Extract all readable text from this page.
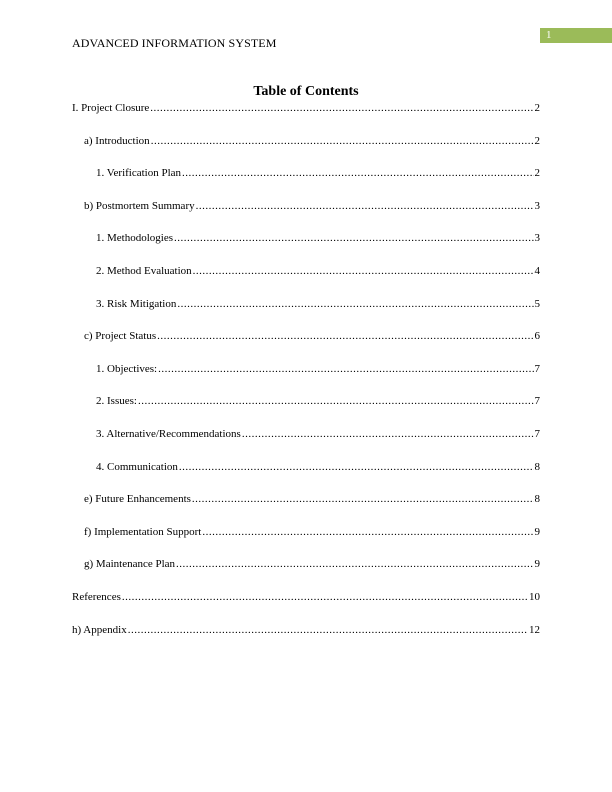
ADVANCED INFORMATION SYSTEM
1
Table of Contents
I. Project Closure .....	2
a) Introduction .....	2
1. Verification Plan .....	2
b) Postmortem Summary .....	3
1. Methodologies .....	3
2. Method Evaluation .....	4
3. Risk Mitigation .....	5
c) Project Status .....	6
1. Objectives: .....	7
2. Issues: .....	7
3. Alternative/Recommendations .....	7
4. Communication .....	8
e) Future Enhancements .....	8
f) Implementation Support .....	9
g) Maintenance Plan .....	9
References .....	10
h) Appendix .....	12
